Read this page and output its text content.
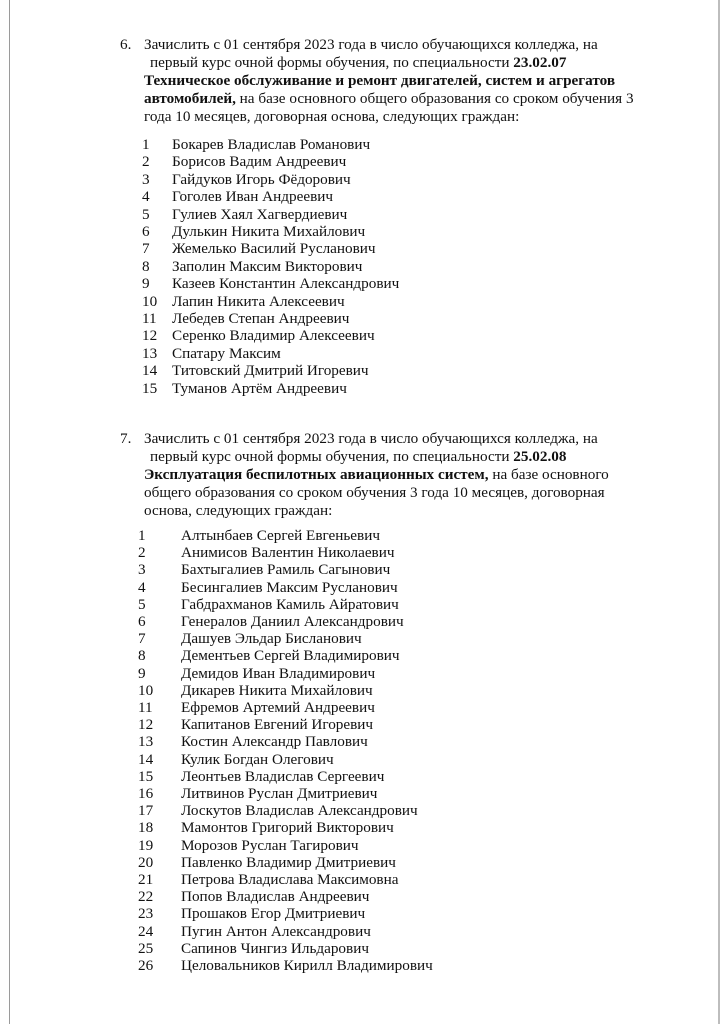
6. Зачислить с 01 сентября 2023 года в число обучающихся колледжа, на
первый курс очной формы обучения, по специальности 23.02.07
Техническое обслуживание и ремонт двигателей, систем и агрегатов
автомобилей, на базе основного общего образования со сроком обучения 3
года 10 месяцев, договорная основа, следующих граждан:
1 Бокарев Владислав Романович
2 Борисов Вадим Андреевич
3 Гайдуков Игорь Фёдорович
4 Гоголев Иван Андреевич
5 Гулиев Хаял Хагвердиевич
6 Дулькин Никита Михайлович
7 Жемелько Василий Русланович
8 Заполин Максим Викторович
9 Казеев Константин Александрович
10 Лапин Никита Алексеевич
11 Лебедев Степан Андреевич
12 Серенко Владимир Алексеевич
13 Спатару Максим
14 Титовский Дмитрий Игоревич
15 Туманов Артём Андреевич
7. Зачислить с 01 сентября 2023 года в число обучающихся колледжа, на
первый курс очной формы обучения, по специальности 25.02.08
Эксплуатация беспилотных авиационных систем, на базе основного
общего образования со сроком обучения 3 года 10 месяцев, договорная
основа, следующих граждан:
1 Алтынбаев Сергей Евгеньевич
2 Анимисов Валентин Николаевич
3 Бахтыгалиев Рамиль Сагынович
4 Бесингалиев Максим Русланович
5 Габдрахманов Камиль Айратович
6 Генералов Даниил Александрович
7 Дашуев Эльдар Бисланович
8 Дементьев Сергей Владимирович
9 Демидов Иван Владимирович
10 Дикарев Никита Михайлович
11 Ефремов Артемий Андреевич
12 Капитанов Евгений Игоревич
13 Костин Александр Павлович
14 Кулик Богдан Олегович
15 Леонтьев Владислав Сергеевич
16 Литвинов Руслан Дмитриевич
17 Лоскутов Владислав Александрович
18 Мамонтов Григорий Викторович
19 Морозов Руслан Тагирович
20 Павленко Владимир Дмитриевич
21 Петрова Владислава Максимовна
22 Попов Владислав Андреевич
23 Прошаков Егор Дмитриевич
24 Пугин Антон Александрович
25 Сапинов Чингиз Ильдарович
26 Целовальников Кирилл Владимирович
